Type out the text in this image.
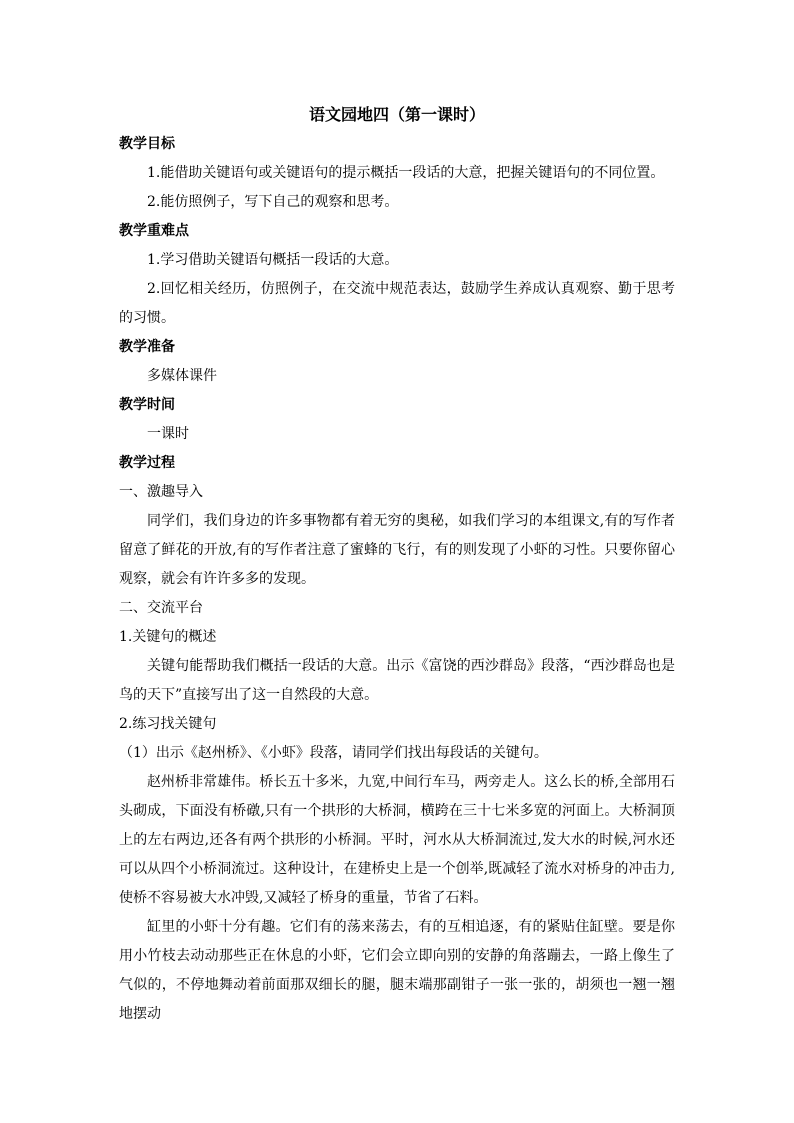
语文园地四（第一课时）
教学目标

1.能借助关键语句或关键语句的提示概括一段话的大意，把握关键语句的不同位置。

2.能仿照例子，写下自己的观察和思考。

教学重难点

1.学习借助关键语句概括一段话的大意。

2.回忆相关经历，仿照例子，在交流中规范表达，鼓励学生养成认真观察、勤于思考的习惯。

教学准备

多媒体课件

教学时间

一课时

教学过程

一、激趣导入

同学们，我们身边的许多事物都有着无穷的奥秘，如我们学习的本组课文,有的写作者留意了鲜花的开放,有的写作者注意了蜜蜂的飞行，有的则发现了小虾的习性。只要你留心观察，就会有许许多多的发现。

二、交流平台

1.关键句的概述

关键句能帮助我们概括一段话的大意。出示《富饶的西沙群岛》段落，“西沙群岛也是鸟的天下”直接写出了这一自然段的大意。

2.练习找关键句

（1）出示《赵州桥》、《小虾》段落，请同学们找出每段话的关键句。

赵州桥非常雄伟。桥长五十多米，九宽,中间行车马，两旁走人。这么长的桥,全部用石头砌成，下面没有桥礅,只有一个拱形的大桥洞，横跨在三十七米多宽的河面上。大桥洞顶上的左右两边,还各有两个拱形的小桥洞。平时，河水从大桥洞流过,发大水的时候,河水还可以从四个小桥洞流过。这种设计，在建桥史上是一个创举,既减轻了流水对桥身的冲击力,使桥不容易被大水冲毁,又减轻了桥身的重量，节省了石料。

缸里的小虾十分有趣。它们有的荡来荡去，有的互相追逐，有的紧贴住缸壁。要是你用小竹枝去动动那些正在休息的小虾，它们会立即向别的安静的角落蹦去，一路上像生了气似的，不停地舞动着前面那双细长的腿，腿末端那副钳子一张一张的，胡须也一翘一翘地摆动
